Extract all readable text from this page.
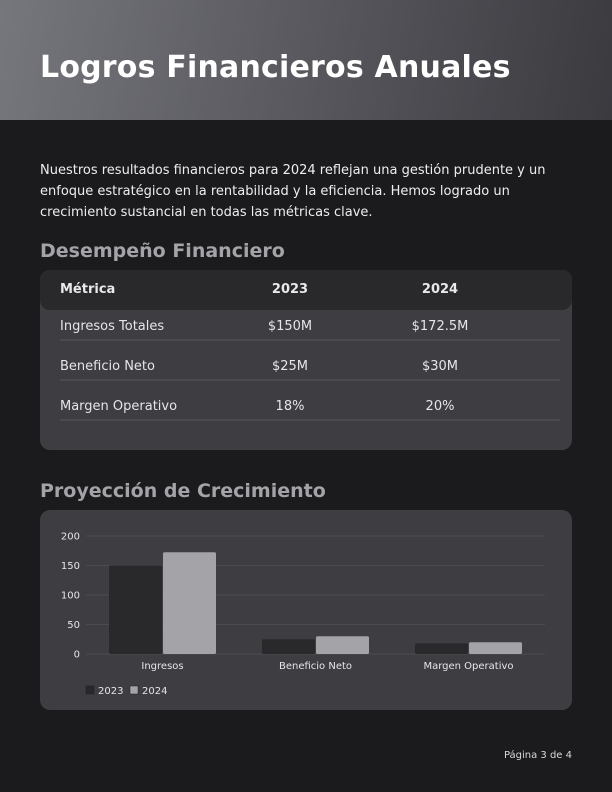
Logros Financieros Anuales

Nuestros resultados financieros para 2024 reflejan una gestión prudente y un enfoque estratégico en la rentabilidad y la eficiencia. Hemos logrado un crecimiento sustancial en todas las métricas clave.

Desempeño Financiero
Métrica	2023	2024
Ingresos Totales	$150M	$172.5M
Beneficio Neto	$25M	$30M
Margen Operativo	18%	20%
Proyección de Crecimiento
0
50
100
150
200
Ingresos	Beneficio Neto	Margen Operativo
2023 2024
Página 3 de 4
